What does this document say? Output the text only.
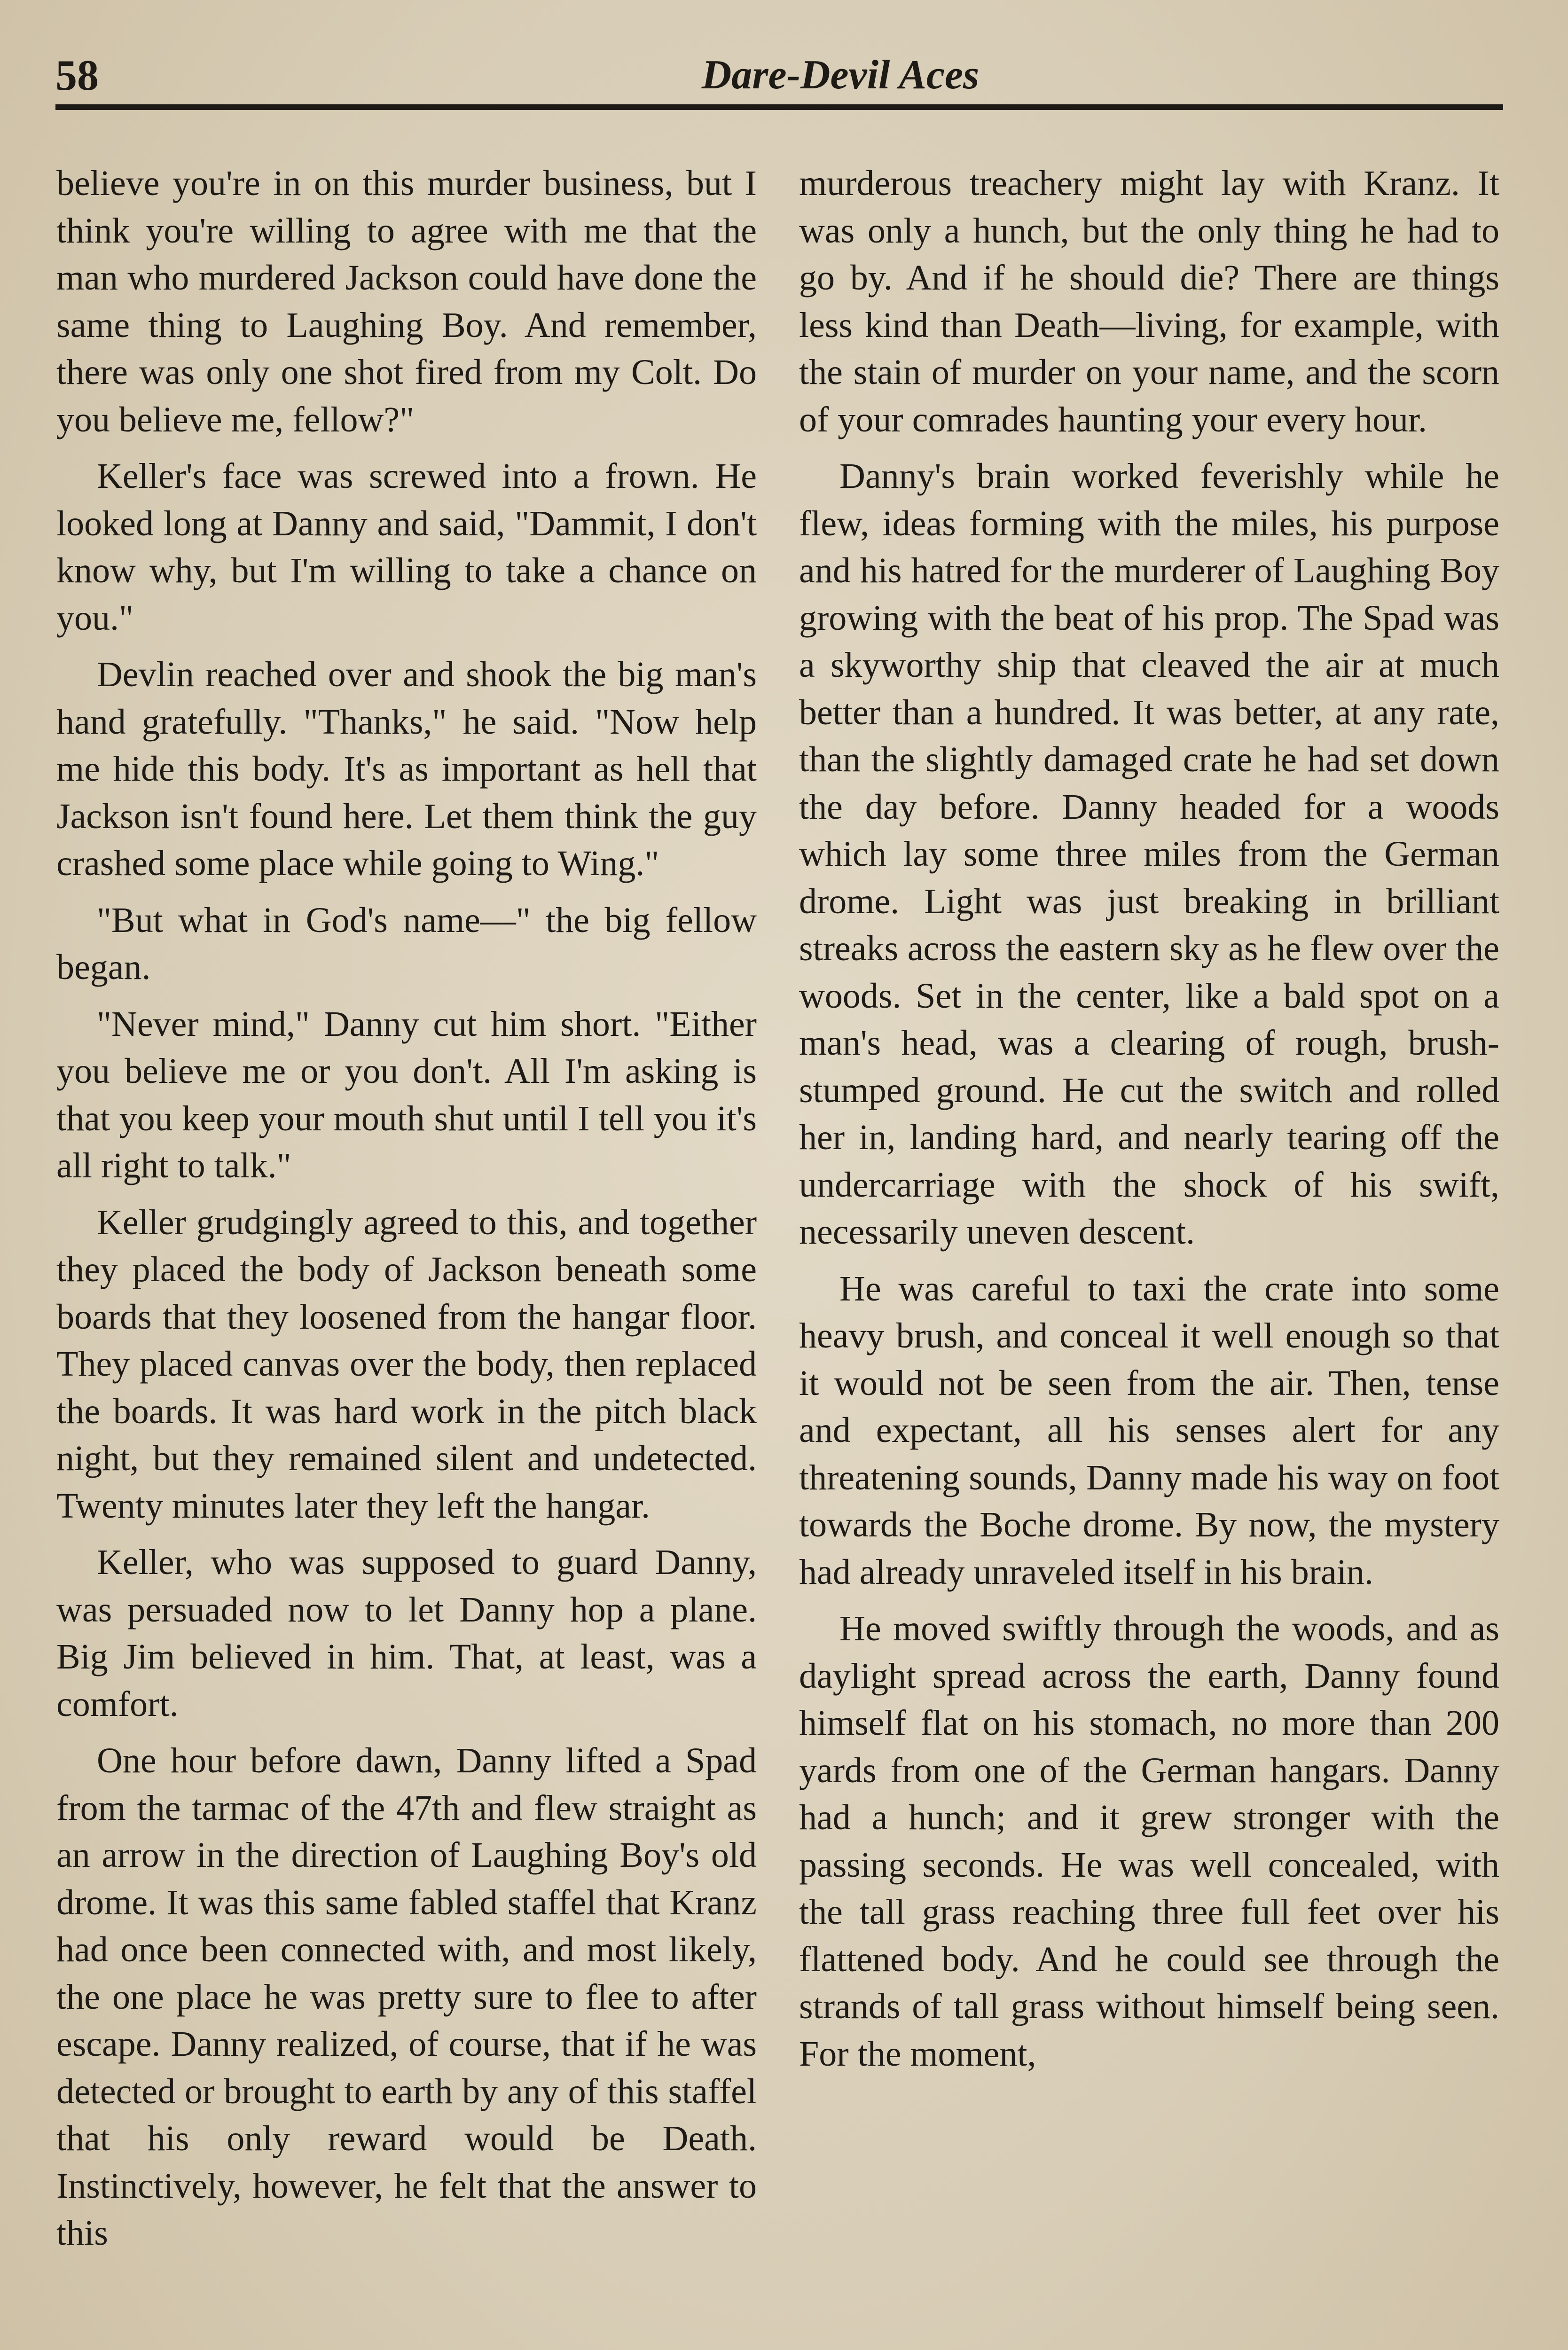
58	Dare-Devil Aces

believe you're in on this murder business, but I think you're willing to agree with me that the man who murdered Jackson could have done the same thing to Laughing Boy. And remember, there was only one shot fired from my Colt. Do you believe me, fellow?"

Keller's face was screwed into a frown. He looked long at Danny and said, "Dammit, I don't know why, but I'm willing to take a chance on you."

Devlin reached over and shook the big man's hand gratefully. "Thanks," he said. "Now help me hide this body. It's as important as hell that Jackson isn't found here. Let them think the guy crashed some place while going to Wing."

"But what in God's name—" the big fellow began.

"Never mind," Danny cut him short. "Either you believe me or you don't. All I'm asking is that you keep your mouth shut until I tell you it's all right to talk."

Keller grudgingly agreed to this, and together they placed the body of Jackson beneath some boards that they loosened from the hangar floor. They placed canvas over the body, then replaced the boards. It was hard work in the pitch black night, but they remained silent and undetected. Twenty minutes later they left the hangar.

Keller, who was supposed to guard Danny, was persuaded now to let Danny hop a plane. Big Jim believed in him. That, at least, was a comfort.

One hour before dawn, Danny lifted a Spad from the tarmac of the 47th and flew straight as an arrow in the direction of Laughing Boy's old drome. It was this same fabled staffel that Kranz had once been connected with, and most likely, the one place he was pretty sure to flee to after escape. Danny realized, of course, that if he was detected or brought to earth by any of this staffel that his only reward would be Death. Instinctively, however, he felt that the answer to this

murderous treachery might lay with Kranz. It was only a hunch, but the only thing he had to go by. And if he should die? There are things less kind than Death—living, for example, with the stain of murder on your name, and the scorn of your comrades haunting your every hour.

Danny's brain worked feverishly while he flew, ideas forming with the miles, his purpose and his hatred for the murderer of Laughing Boy growing with the beat of his prop. The Spad was a skyworthy ship that cleaved the air at much better than a hundred. It was better, at any rate, than the slightly damaged crate he had set down the day before. Danny headed for a woods which lay some three miles from the German drome. Light was just breaking in brilliant streaks across the eastern sky as he flew over the woods. Set in the center, like a bald spot on a man's head, was a clearing of rough, brush-stumped ground. He cut the switch and rolled her in, landing hard, and nearly tearing off the undercarriage with the shock of his swift, necessarily uneven descent.

He was careful to taxi the crate into some heavy brush, and conceal it well enough so that it would not be seen from the air. Then, tense and expectant, all his senses alert for any threatening sounds, Danny made his way on foot towards the Boche drome. By now, the mystery had already unraveled itself in his brain.

He moved swiftly through the woods, and as daylight spread across the earth, Danny found himself flat on his stomach, no more than 200 yards from one of the German hangars. Danny had a hunch; and it grew stronger with the passing seconds. He was well concealed, with the tall grass reaching three full feet over his flattened body. And he could see through the strands of tall grass without himself being seen. For the moment,
